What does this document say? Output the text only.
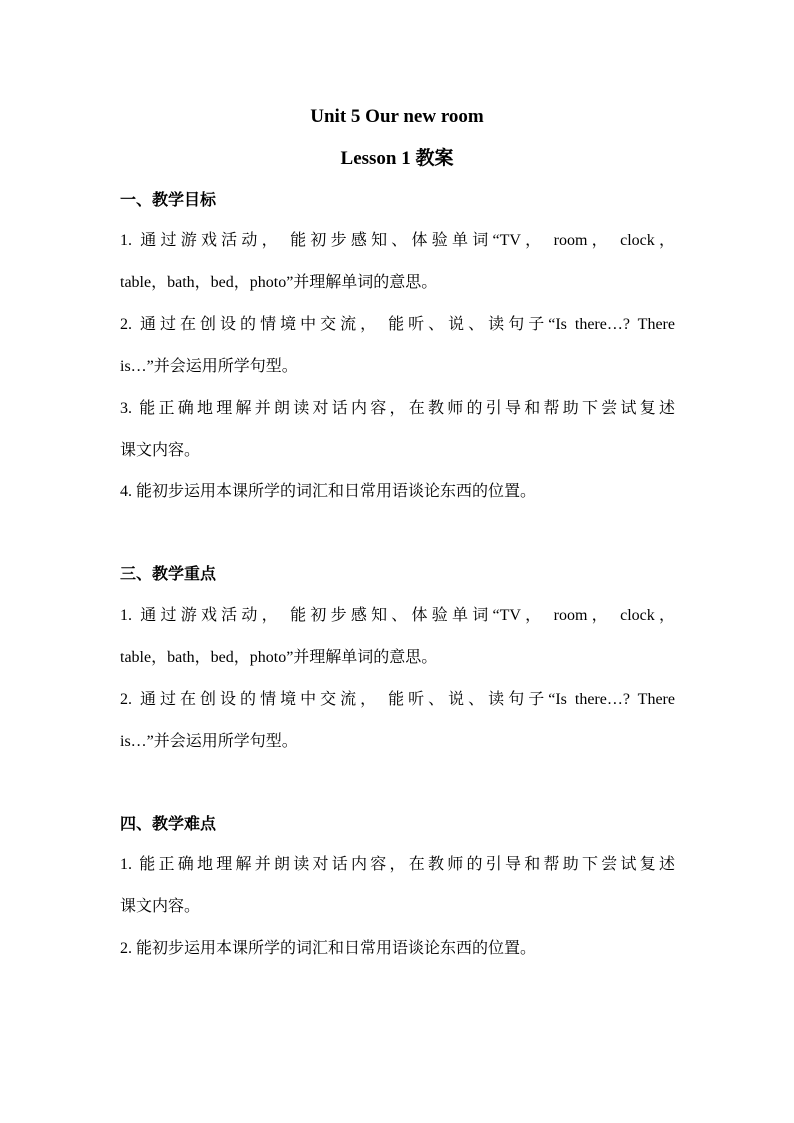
Unit 5 Our new room
Lesson 1 教案
一、教学目标
1. 通过游戏活动， 能初步感知、体验单词“TV， room， clock，
table，bath，bed，photo”并理解单词的意思。
2. 通过在创设的情境中交流， 能听、说、读句子“Is there…? There
is…”并会运用所学句型。
3. 能正确地理解并朗读对话内容，在教师的引导和帮助下尝试复述
课文内容。
4. 能初步运用本课所学的词汇和日常用语谈论东西的位置。
三、教学重点
1. 通过游戏活动， 能初步感知、体验单词“TV， room， clock，
table，bath，bed，photo”并理解单词的意思。
2. 通过在创设的情境中交流， 能听、说、读句子“Is there…? There
is…”并会运用所学句型。
四、教学难点
1. 能正确地理解并朗读对话内容，在教师的引导和帮助下尝试复述
课文内容。
2. 能初步运用本课所学的词汇和日常用语谈论东西的位置。
